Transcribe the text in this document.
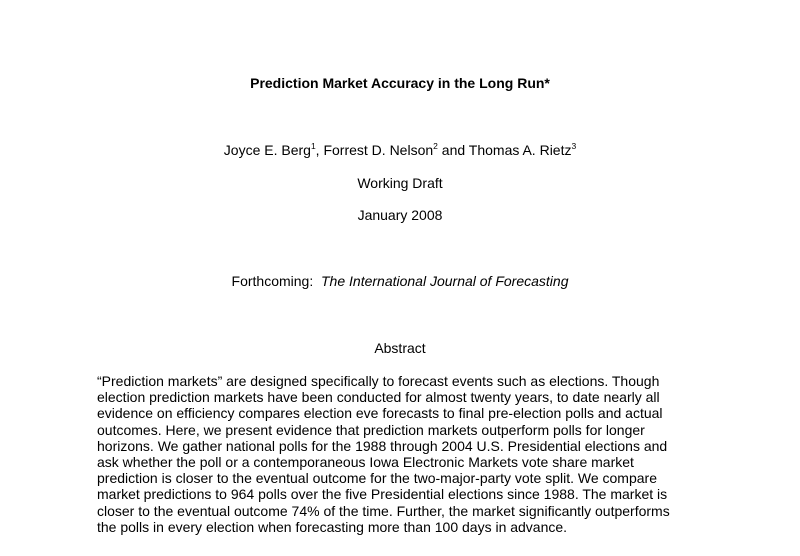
Prediction Market Accuracy in the Long Run*
Joyce E. Berg$^1$, Forrest D. Nelson$^2$ and Thomas A. Rietz$^3$
Working Draft
January 2008
Forthcoming: The International Journal of Forecasting
Abstract
“Prediction markets” are designed specifically to forecast events such as elections. Though
election prediction markets have been conducted for almost twenty years, to date nearly all
evidence on efficiency compares election eve forecasts to final pre-election polls and actual
outcomes. Here, we present evidence that prediction markets outperform polls for longer
horizons. We gather national polls for the 1988 through 2004 U.S. Presidential elections and
ask whether the poll or a contemporaneous Iowa Electronic Markets vote share market
prediction is closer to the eventual outcome for the two-major-party vote split. We compare
market predictions to 964 polls over the five Presidential elections since 1988. The market is
closer to the eventual outcome 74% of the time. Further, the market significantly outperforms
the polls in every election when forecasting more than 100 days in advance.
